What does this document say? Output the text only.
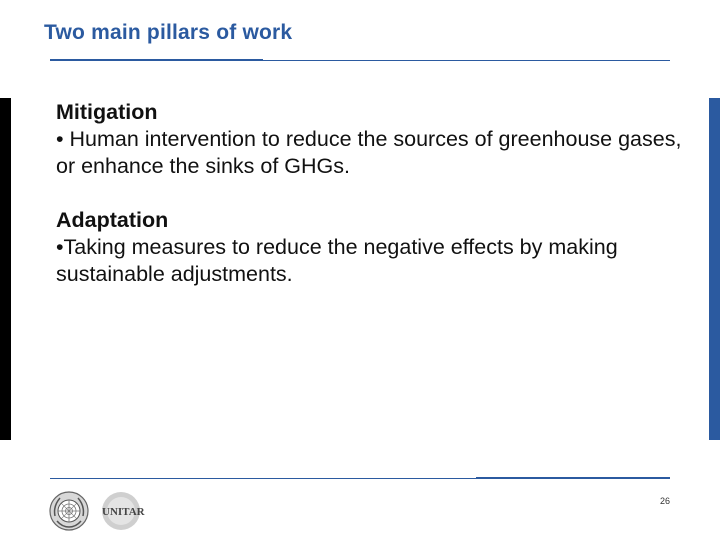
Two main pillars of work
Mitigation
• Human intervention to reduce the sources of greenhouse gases, or enhance the sinks of GHGs.
Adaptation
•Taking measures to reduce the negative effects by making sustainable adjustments.
UNITAR
26
